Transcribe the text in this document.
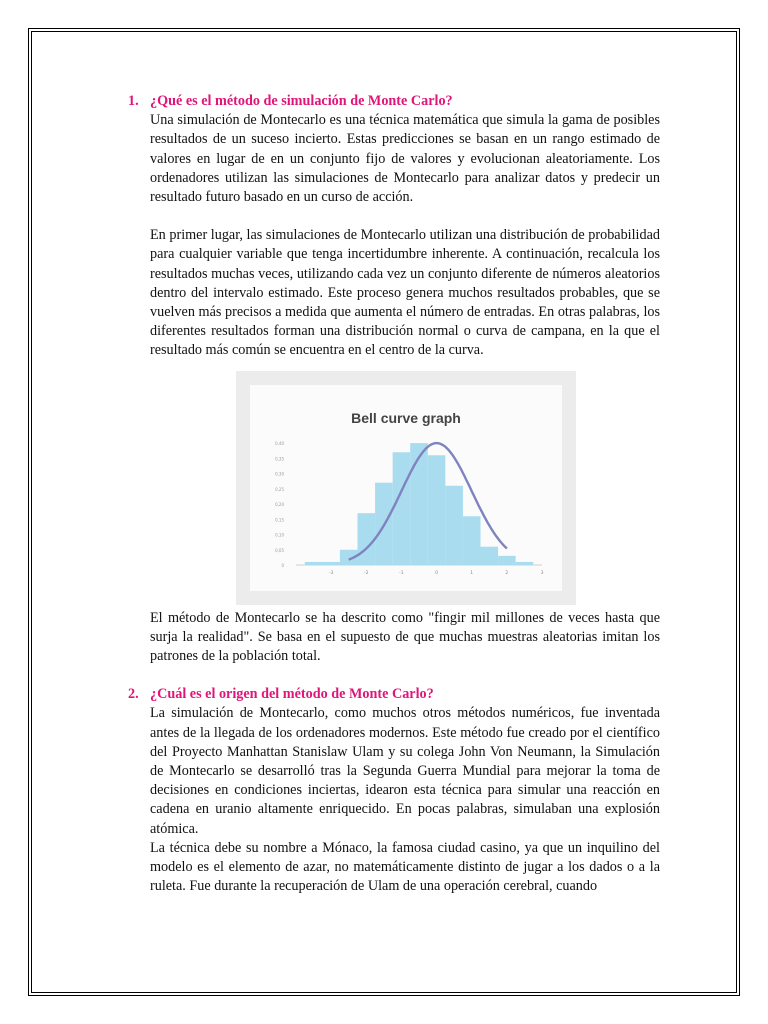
1. ¿Qué es el método de simulación de Monte Carlo?

Una simulación de Montecarlo es una técnica matemática que simula la gama de posibles resultados de un suceso incierto. Estas predicciones se basan en un rango estimado de valores en lugar de en un conjunto fijo de valores y evolucionan aleatoriamente. Los ordenadores utilizan las simulaciones de Montecarlo para analizar datos y predecir un resultado futuro basado en un curso de acción.

En primer lugar, las simulaciones de Montecarlo utilizan una distribución de probabilidad para cualquier variable que tenga incertidumbre inherente. A continuación, recalcula los resultados muchas veces, utilizando cada vez un conjunto diferente de números aleatorios dentro del intervalo estimado. Este proceso genera muchos resultados probables, que se vuelven más precisos a medida que aumenta el número de entradas. En otras palabras, los diferentes resultados forman una distribución normal o curva de campana, en la que el resultado más común se encuentra en el centro de la curva.

Bell curve graph
0
0,05
0,10
0,15
0,20
0,25
0,30
0,35
0,40
-3	-2	-1	0	1	2	3

El método de Montecarlo se ha descrito como "fingir mil millones de veces hasta que surja la realidad". Se basa en el supuesto de que muchas muestras aleatorias imitan los patrones de la población total.

2. ¿Cuál es el origen del método de Monte Carlo?

La simulación de Montecarlo, como muchos otros métodos numéricos, fue inventada antes de la llegada de los ordenadores modernos. Este método fue creado por el científico del Proyecto Manhattan Stanislaw Ulam y su colega John Von Neumann, la Simulación de Montecarlo se desarrolló tras la Segunda Guerra Mundial para mejorar la toma de decisiones en condiciones inciertas, idearon esta técnica para simular una reacción en cadena en uranio altamente enriquecido. En pocas palabras, simulaban una explosión atómica.

La técnica debe su nombre a Mónaco, la famosa ciudad casino, ya que un inquilino del modelo es el elemento de azar, no matemáticamente distinto de jugar a los dados o a la ruleta. Fue durante la recuperación de Ulam de una operación cerebral, cuando
